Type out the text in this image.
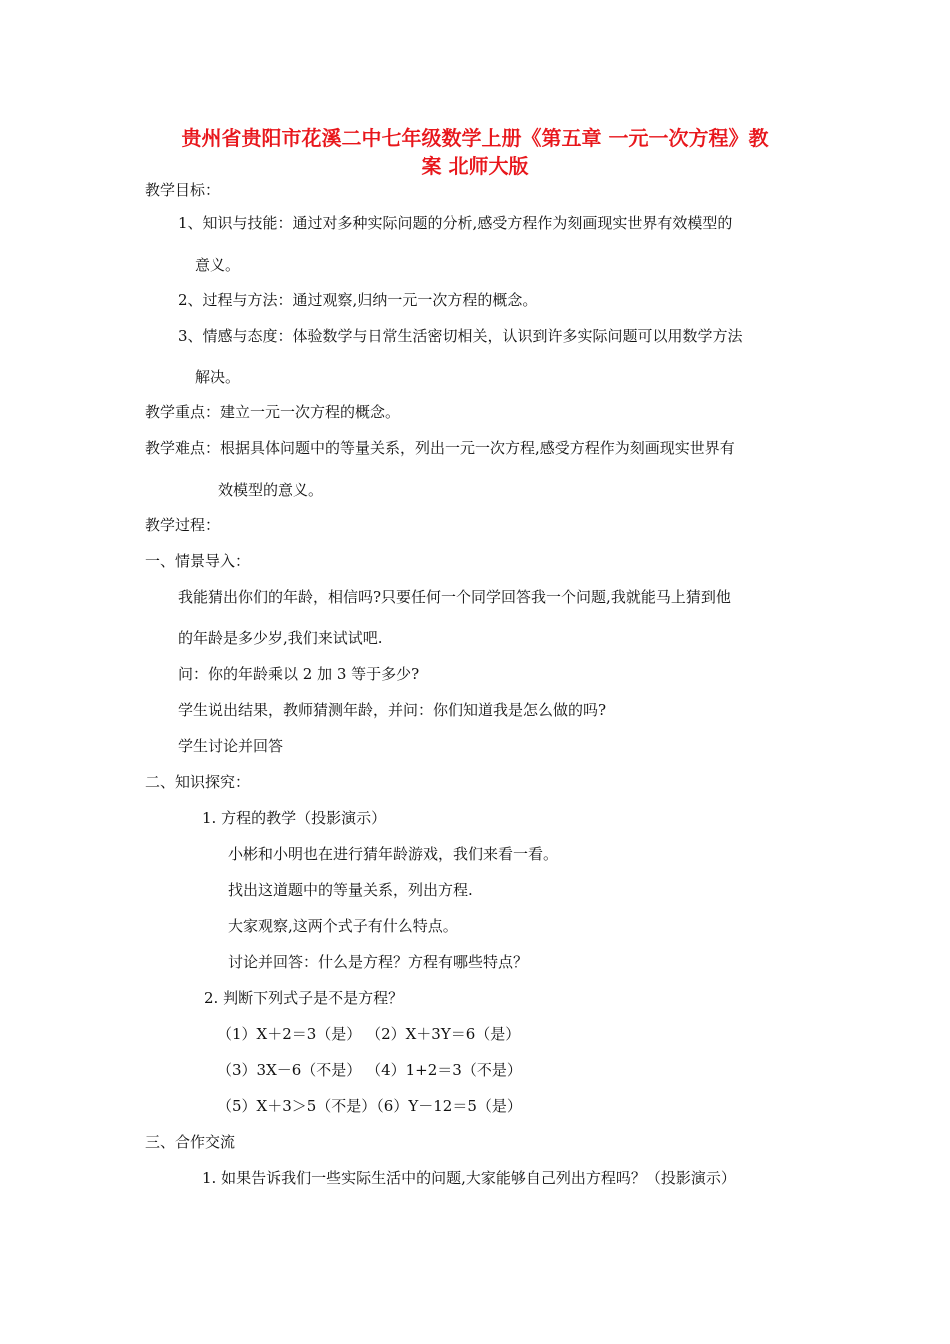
贵州省贵阳市花溪二中七年级数学上册《第五章 一元一次方程》教
案 北师大版
教学目标：
1、知识与技能：通过对多种实际问题的分析,感受方程作为刻画现实世界有效模型的
意义。
2、过程与方法：通过观察,归纳一元一次方程的概念。
3、情感与态度：体验数学与日常生活密切相关，认识到许多实际问题可以用数学方法
解决。
教学重点：建立一元一次方程的概念。
教学难点：根据具体问题中的等量关系，列出一元一次方程,感受方程作为刻画现实世界有
效模型的意义。
教学过程：
一、情景导入：
我能猜出你们的年龄，相信吗?只要任何一个同学回答我一个问题,我就能马上猜到他
的年龄是多少岁,我们来试试吧.
问：你的年龄乘以 2 加 3 等于多少?
学生说出结果，教师猜测年龄，并问：你们知道我是怎么做的吗?
学生讨论并回答
二、知识探究：
1. 方程的教学（投影演示）
小彬和小明也在进行猜年龄游戏，我们来看一看。
找出这道题中的等量关系，列出方程.
大家观察,这两个式子有什么特点。
讨论并回答：什么是方程？方程有哪些特点？
2. 判断下列式子是不是方程？
（1）X＋2＝3（是） （2）X＋3Y＝6（是）
（3）3X－6（不是） （4）1+2＝3（不是）
（5）X＋3＞5（不是）（6）Y－12＝5（是）
三、合作交流
1. 如果告诉我们一些实际生活中的问题,大家能够自己列出方程吗？（投影演示）
